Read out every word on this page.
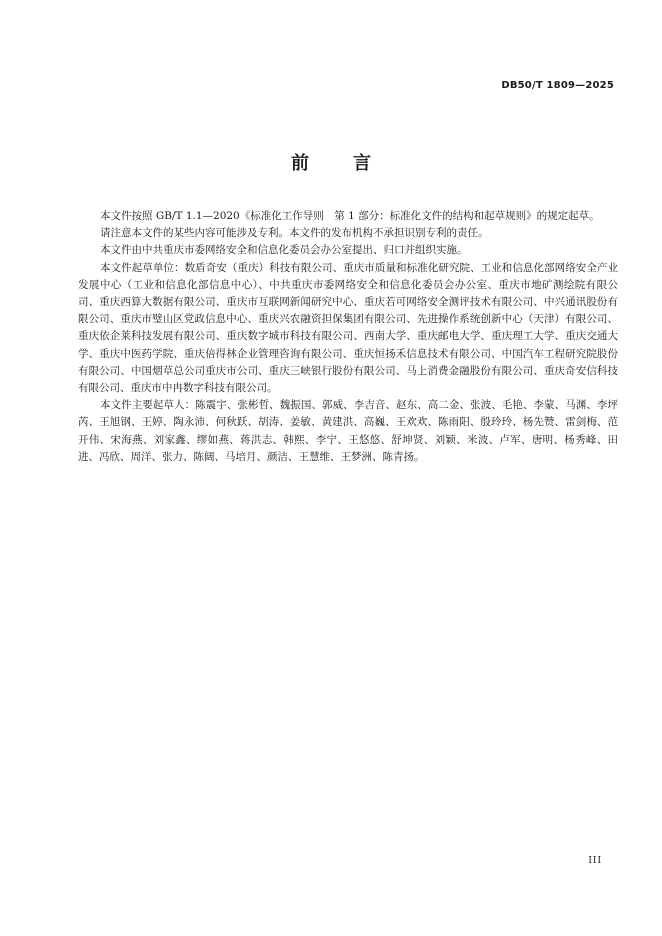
DB50/T 1809—2025
前 言

本文件按照 GB/T 1.1—2020《标准化工作导则　第 1 部分：标准化文件的结构和起草规则》的规定起草。

请注意本文件的某些内容可能涉及专利。本文件的发布机构不承担识别专利的责任。

本文件由中共重庆市委网络安全和信息化委员会办公室提出、归口并组织实施。

本文件起草单位：数盾奇安（重庆）科技有限公司、重庆市质量和标准化研究院、工业和信息化部网络安全产业发展中心（工业和信息化部信息中心）、中共重庆市委网络安全和信息化委员会办公室、重庆市地矿测绘院有限公司、重庆西算大数据有限公司、重庆市互联网新闻研究中心、重庆若可网络安全测评技术有限公司、中兴通讯股份有限公司、重庆市璧山区党政信息中心、重庆兴农融资担保集团有限公司、先进操作系统创新中心（天津）有限公司、重庆依企莱科技发展有限公司、重庆数字城市科技有限公司、西南大学、重庆邮电大学、重庆理工大学、重庆交通大学、重庆中医药学院、重庆倍得林企业管理咨询有限公司、重庆恒扬禾信息技术有限公司、中国汽车工程研究院股份有限公司、中国烟草总公司重庆市公司、重庆三峡银行股份有限公司、马上消费金融股份有限公司、重庆奇安信科技有限公司、重庆市中冉数字科技有限公司。

本文件主要起草人：陈震宇、张彬哲、魏振国、郭威、李吉音、赵东、高二金、张波、毛艳、李蒙、马渊、李坪芮、王旭钢、王婷、陶永沛、何秋跃、胡涛、姜敏、黄建洪、高巍、王欢欢、陈雨阳、殷玲玲、杨先赞、雷剑梅、范开伟、宋海燕、刘家鑫、缪如燕、蒋洪志、韩熙、李宁、王悠悠、舒坤贤、刘颖、米波、卢军、唐明、杨秀峰、田进、冯欣、周洋、张力、陈阔、马培月、颜洁、王慧维、王梦洲、陈青扬。

III
